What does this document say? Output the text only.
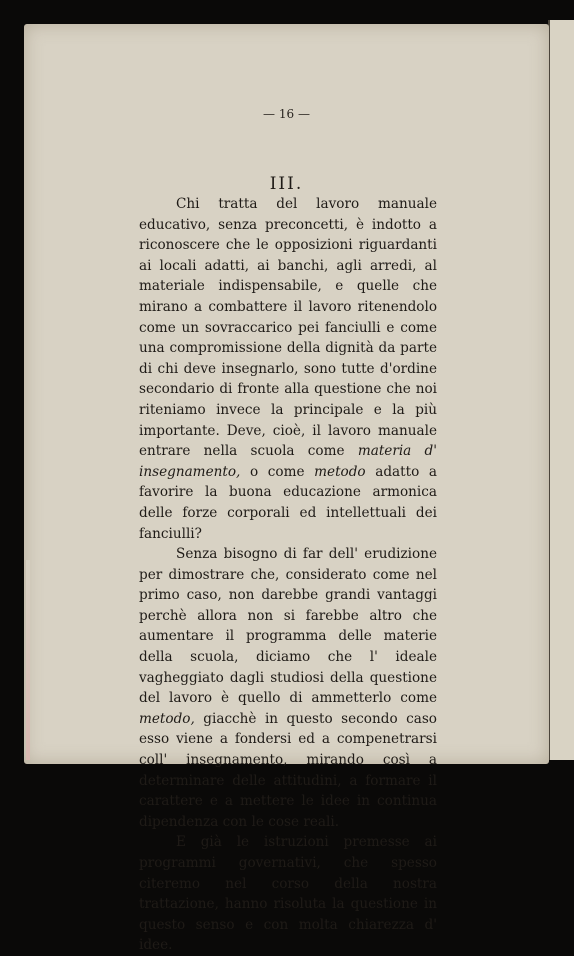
— 16 —
III.

Chi tratta del lavoro manuale educativo, senza preconcetti, è indotto a riconoscere che le opposizioni riguardanti ai locali adatti, ai banchi, agli arredi, al materiale indispensabile, e quelle che mirano a combattere il lavoro ritenendolo come un sovraccarico pei fanciulli e come una compromissione della dignità da parte di chi deve insegnarlo, sono tutte d'ordine secondario di fronte alla questione che noi riteniamo invece la principale e la più importante. Deve, cioè, il lavoro manuale entrare nella scuola come materia d' insegnamento, o come metodo adatto a favorire la buona educazione armonica delle forze corporali ed intellettuali dei fanciulli?

Senza bisogno di far dell' erudizione per dimostrare che, considerato come nel primo caso, non darebbe grandi vantaggi perchè allora non si farebbe altro che aumentare il programma delle materie della scuola, diciamo che l' ideale vagheggiato dagli studiosi della questione del lavoro è quello di ammetterlo come metodo, giacchè in questo secondo caso esso viene a fondersi ed a compenetrarsi coll' insegnamento, mirando così a determinare delle attitudini, a formare il carattere e a mettere le idee in continua dipendenza con le cose reali.

E già le istruzioni premesse ai programmi governativi, che spesso citeremo nel corso della nostra trattazione, hanno risoluta la questione in questo senso e con molta chiarezza d' idee.
